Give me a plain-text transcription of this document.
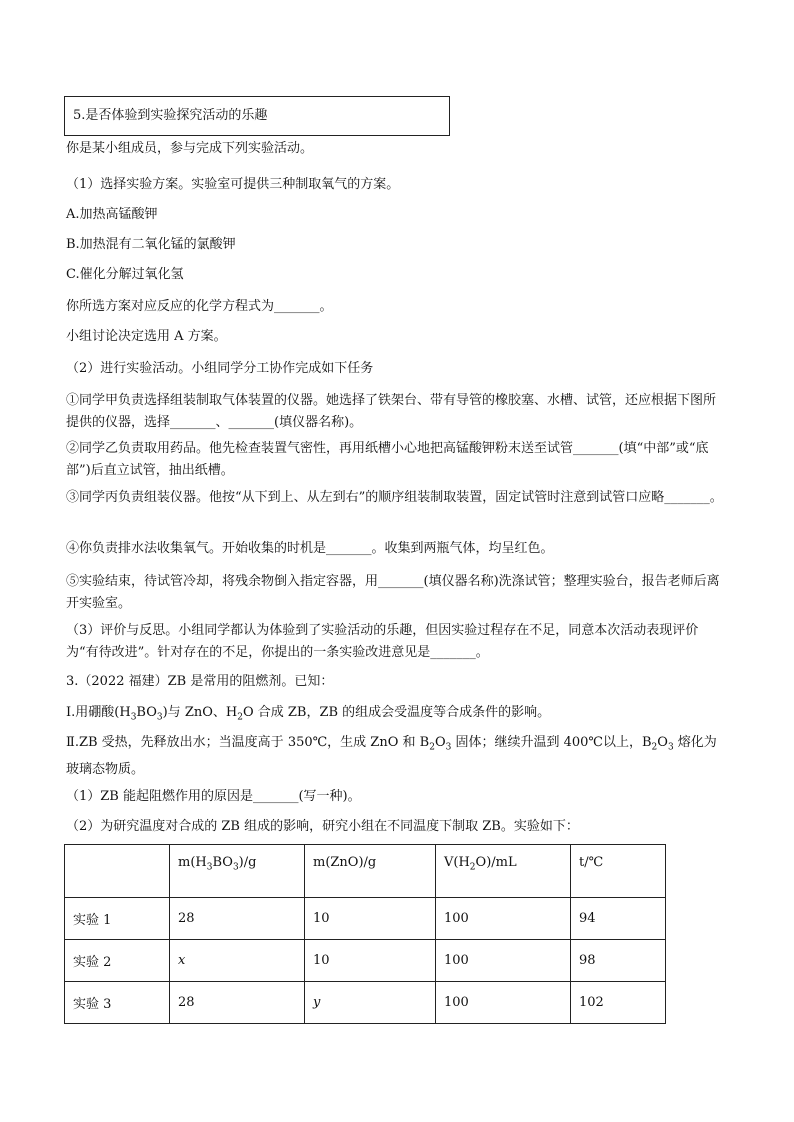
5.是否体验到实验探究活动的乐趣
你是某小组成员，参与完成下列实验活动。
（1）选择实验方案。实验室可提供三种制取氧气的方案。
A.加热高锰酸钾
B.加热混有二氧化锰的氯酸钾
C.催化分解过氧化氢
你所选方案对应反应的化学方程式为_______。
小组讨论决定选用 A 方案。
（2）进行实验活动。小组同学分工协作完成如下任务
①同学甲负责选择组装制取气体装置的仪器。她选择了铁架台、带有导管的橡胶塞、水槽、试管，还应根据下图所提供的仪器，选择_______、_______(填仪器名称)。
②同学乙负责取用药品。他先检查装置气密性，再用纸槽小心地把高锰酸钾粉末送至试管_______(填“中部”或“底部”)后直立试管，抽出纸槽。
③同学丙负责组装仪器。他按“从下到上、从左到右”的顺序组装制取装置，固定试管时注意到试管口应略_______。
④你负责排水法收集氧气。开始收集的时机是_______。收集到两瓶气体，均呈红色。
⑤实验结束，待试管冷却，将残余物倒入指定容器，用_______(填仪器名称)洗涤试管；整理实验台，报告老师后离开实验室。
（3）评价与反思。小组同学都认为体验到了实验活动的乐趣，但因实验过程存在不足，同意本次活动表现评价为“有待改进”。针对存在的不足，你提出的一条实验改进意见是_______。
3.（2022 福建）ZB 是常用的阻燃剂。已知：
I.用硼酸$(H_3BO_3)$与 ZnO、$H_2O$ 合成 ZB，ZB 的组成会受温度等合成条件的影响。
Ⅱ.ZB 受热，先释放出水；当温度高于 350℃，生成 ZnO 和 $B_2O_3$ 固体；继续升温到 400℃以上，$B_2O_3$ 熔化为玻璃态物质。
（1）ZB 能起阻燃作用的原因是_______(写一种)。
（2）为研究温度对合成的 ZB 组成的影响，研究小组在不同温度下制取 ZB。实验如下：
	$m(H_3BO_3)/g$	m(ZnO)/g	$V(H_2O)/mL$	t/℃
实验 1	28	10	100	94
实验 2	x	10	100	98
实验 3	28	y	100	102
